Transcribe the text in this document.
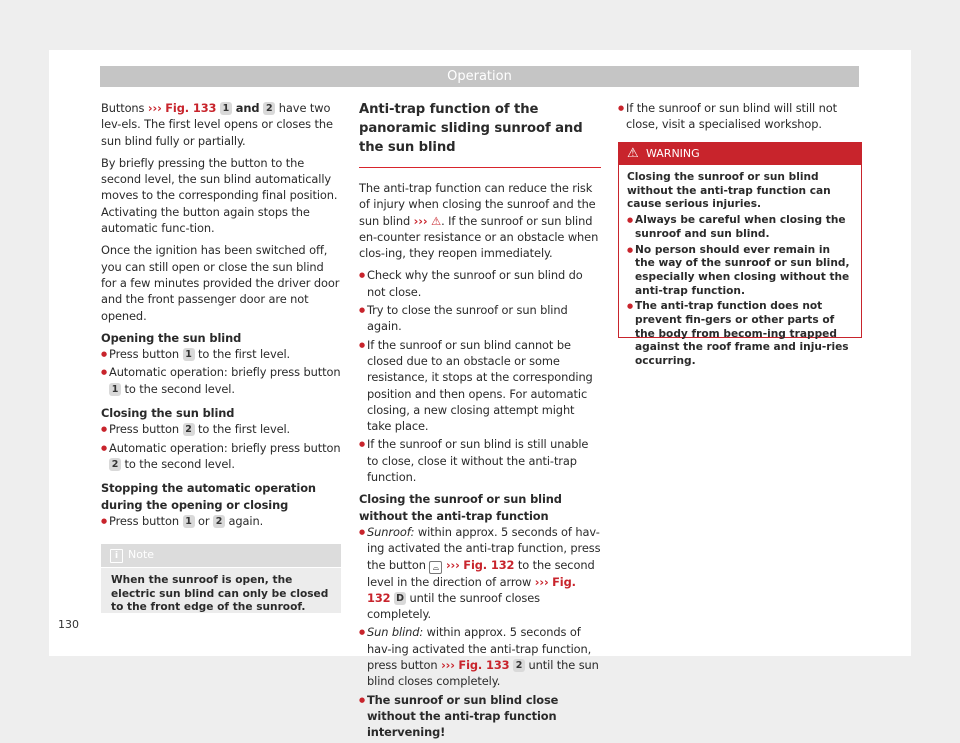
Operation

Buttons ››› Fig. 133 1 and 2 have two lev-els. The first level opens or closes the sun blind fully or partially.

By briefly pressing the button to the second level, the sun blind automatically moves to the corresponding final position. Activating the button again stops the automatic func-tion.

Once the ignition has been switched off, you can still open or close the sun blind for a few minutes provided the driver door and the front passenger door are not opened.

Opening the sun blind
● Press button 1 to the first level.
● Automatic operation: briefly press button 1 to the second level.
Closing the sun blind
● Press button 2 to the first level.
● Automatic operation: briefly press button 2 to the second level.
Stopping the automatic operation during the opening or closing
● Press button 1 or 2 again.
i Note
When the sunroof is open, the electric sun blind can only be closed to the front edge of the sunroof.
Anti-trap function of the panoramic sliding sunroof and the sun blind

The anti-trap function can reduce the risk of injury when closing the sunroof and the sun blind ››› ⚠. If the sunroof or sun blind en-counter resistance or an obstacle when clos-ing, they reopen immediately.

● Check why the sunroof or sun blind do not close.
● Try to close the sunroof or sun blind again.
● If the sunroof or sun blind cannot be closed due to an obstacle or some resistance, it stops at the corresponding position and then opens. For automatic closing, a new closing attempt might take place.
● If the sunroof or sun blind is still unable to close, close it without the anti-trap function.
Closing the sunroof or sun blind without the anti-trap function
● Sunroof: within approx. 5 seconds of hav-ing activated the anti-trap function, press the button ⌓ ››› Fig. 132 to the second level in the direction of arrow ››› Fig. 132 D until the sunroof closes completely.
● Sun blind: within approx. 5 seconds of hav-ing activated the anti-trap function, press button ››› Fig. 133 2 until the sun blind closes completely.
● The sunroof or sun blind close without the anti-trap function intervening!
● If the sunroof or sun blind will still not close, visit a specialised workshop.
⚠ WARNING
Closing the sunroof or sun blind without the anti-trap function can cause serious injuries.
● Always be careful when closing the sunroof and sun blind.
● No person should ever remain in the way of the sunroof or sun blind, especially when closing without the anti-trap function.
● The anti-trap function does not prevent fin-gers or other parts of the body from becom-ing trapped against the roof frame and inju-ries occurring.
130
